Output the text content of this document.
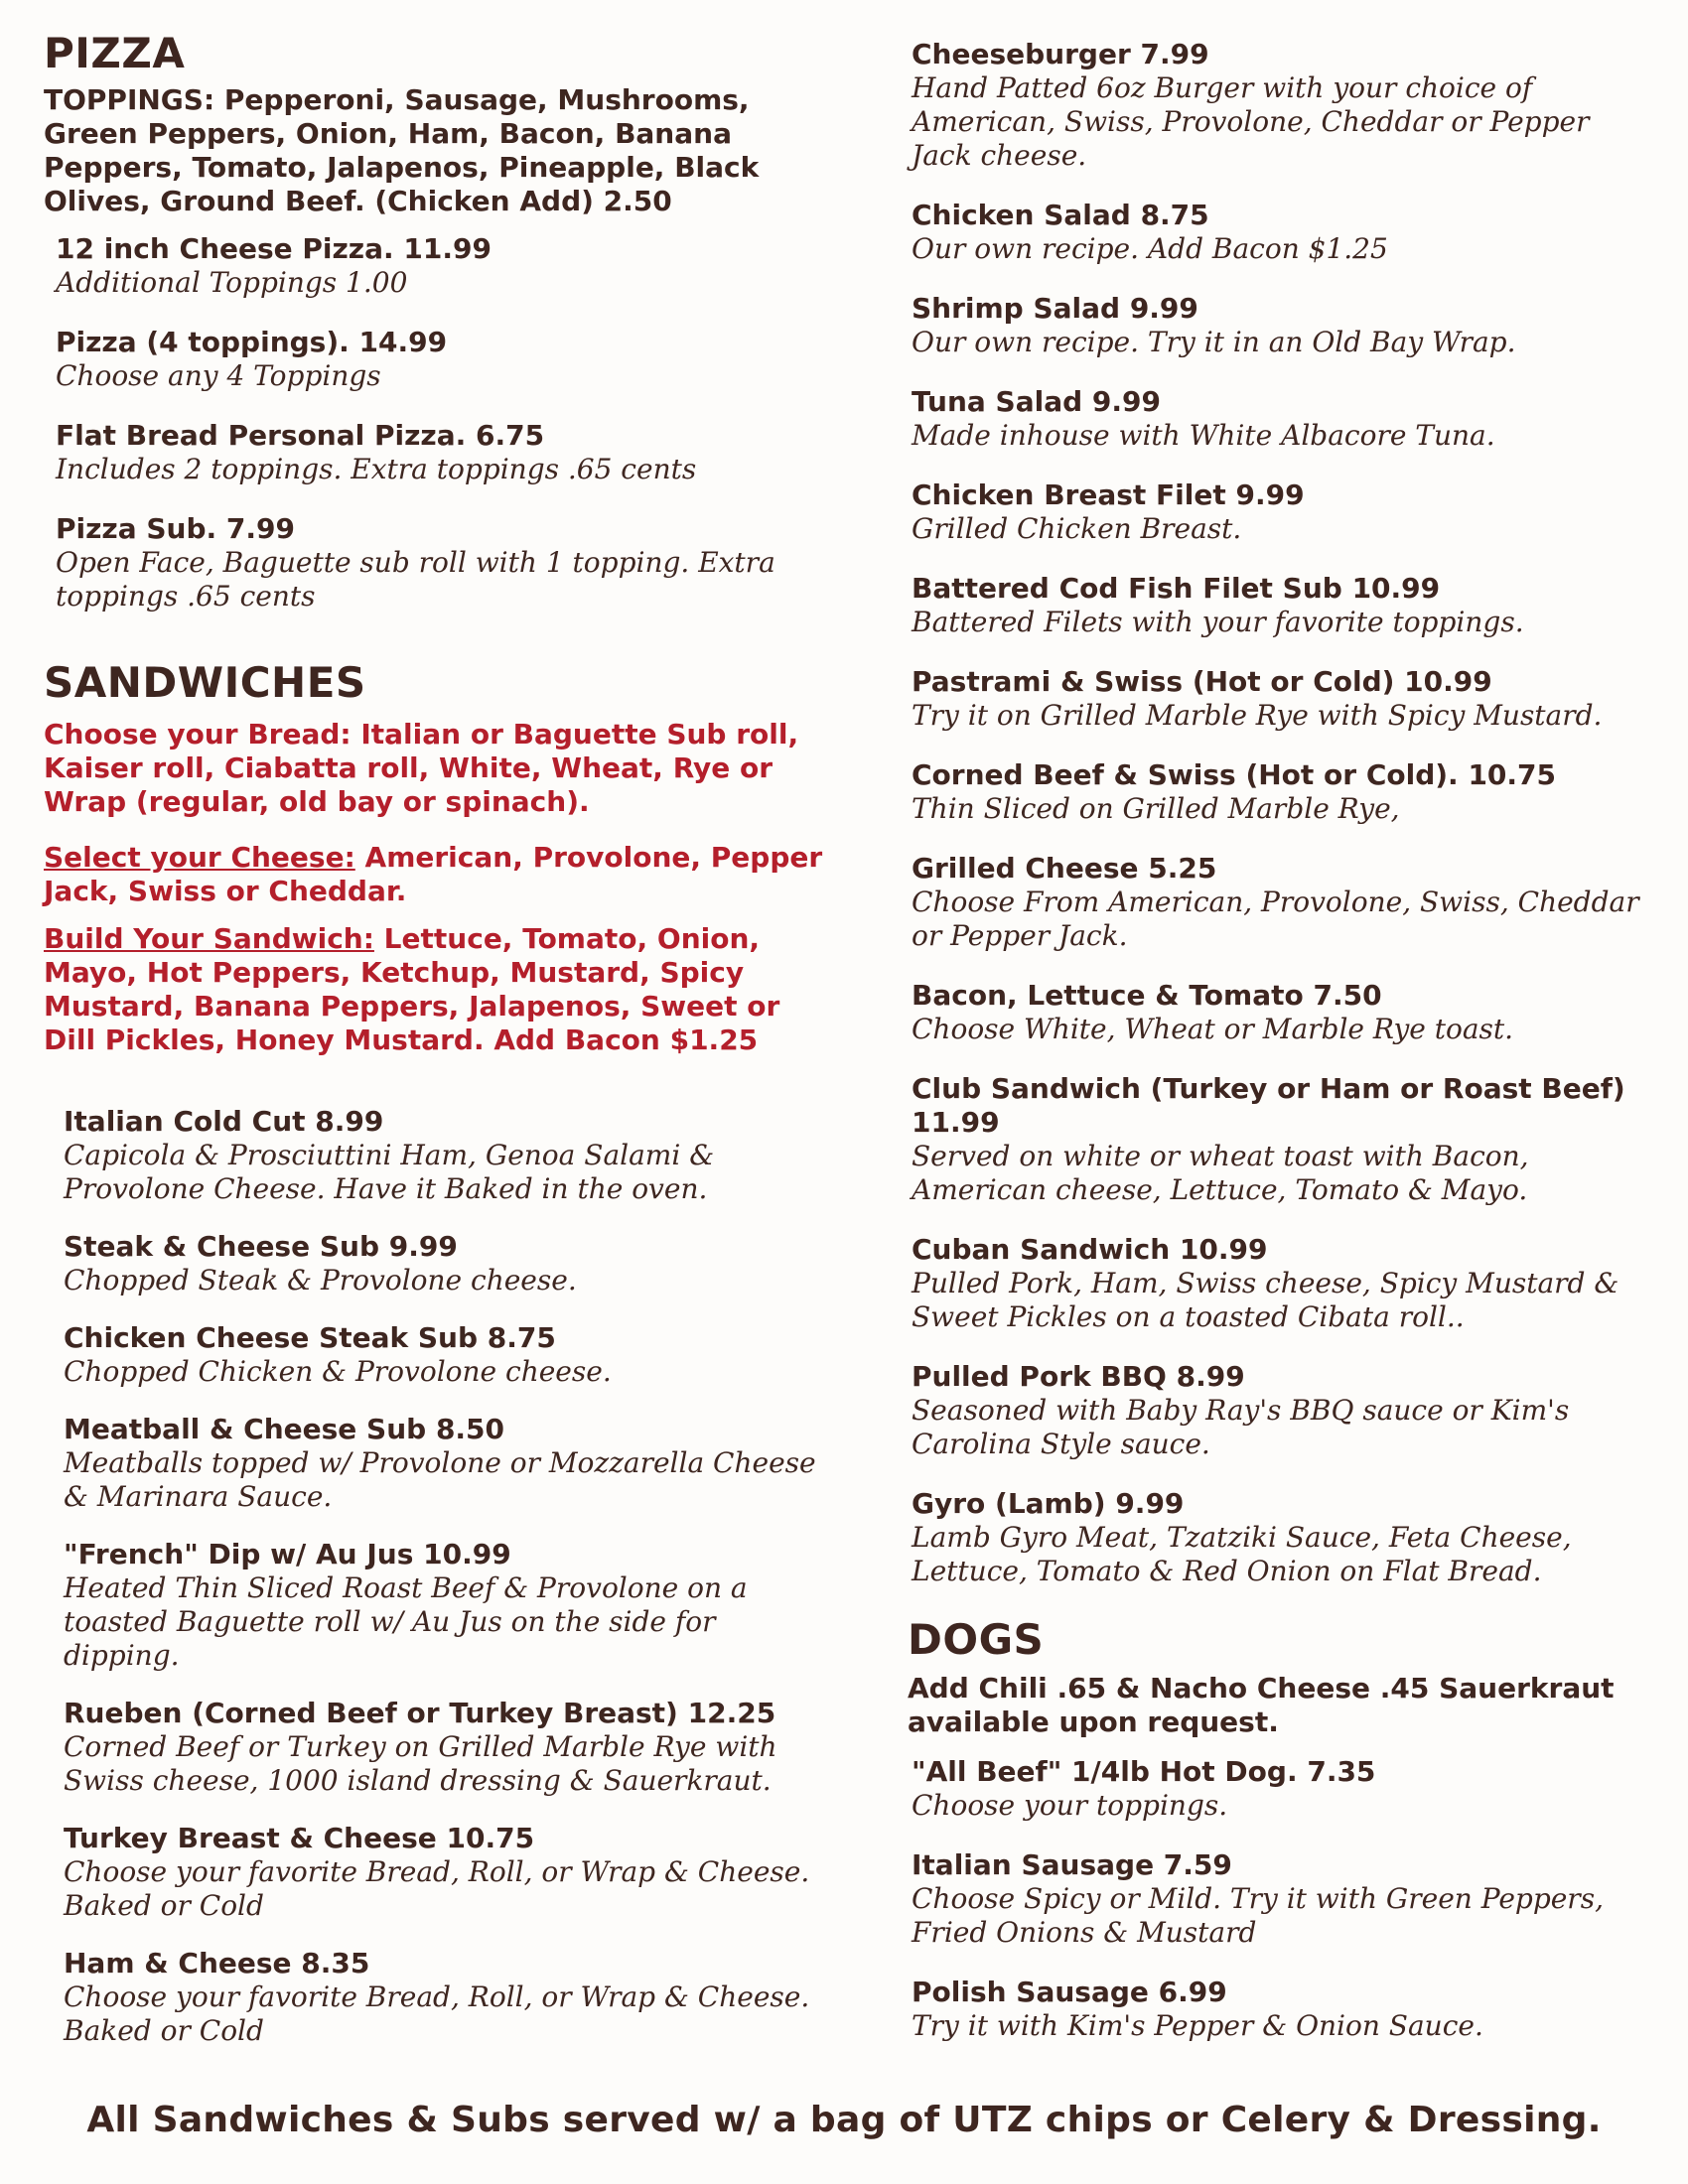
PIZZA

TOPPINGS: Pepperoni, Sausage, Mushrooms, Green Peppers, Onion, Ham, Bacon, Banana Peppers, Tomato, Jalapenos, Pineapple, Black Olives, Ground Beef. (Chicken Add) 2.50

12 inch Cheese Pizza. 11.99
Additional Toppings 1.00
Pizza (4 toppings). 14.99
Choose any 4 Toppings
Flat Bread Personal Pizza. 6.75
Includes 2 toppings. Extra toppings .65 cents
Pizza Sub. 7.99
Open Face, Baguette sub roll with 1 topping. Extra toppings .65 cents
SANDWICHES

Choose your Bread: Italian or Baguette Sub roll, Kaiser roll, Ciabatta roll, White, Wheat, Rye or Wrap (regular, old bay or spinach).

Select your Cheese: American, Provolone, Pepper Jack, Swiss or Cheddar.

Build Your Sandwich: Lettuce, Tomato, Onion, Mayo, Hot Peppers, Ketchup, Mustard, Spicy Mustard, Banana Peppers, Jalapenos, Sweet or Dill Pickles, Honey Mustard. Add Bacon $1.25

Italian Cold Cut 8.99
Capicola & Prosciuttini Ham, Genoa Salami & Provolone Cheese. Have it Baked in the oven.
Steak & Cheese Sub 9.99
Chopped Steak & Provolone cheese.
Chicken Cheese Steak Sub 8.75
Chopped Chicken & Provolone cheese.
Meatball & Cheese Sub 8.50
Meatballs topped w/ Provolone or Mozzarella Cheese & Marinara Sauce.
"French" Dip w/ Au Jus 10.99
Heated Thin Sliced Roast Beef & Provolone on a toasted Baguette roll w/ Au Jus on the side for dipping.
Rueben (Corned Beef or Turkey Breast) 12.25
Corned Beef or Turkey on Grilled Marble Rye with Swiss cheese, 1000 island dressing & Sauerkraut.
Turkey Breast & Cheese 10.75
Choose your favorite Bread, Roll, or Wrap & Cheese. Baked or Cold
Ham & Cheese 8.35
Choose your favorite Bread, Roll, or Wrap & Cheese. Baked or Cold
Cheeseburger 7.99
Hand Patted 6oz Burger with your choice of American, Swiss, Provolone, Cheddar or Pepper Jack cheese.
Chicken Salad 8.75
Our own recipe. Add Bacon $1.25
Shrimp Salad 9.99
Our own recipe. Try it in an Old Bay Wrap.
Tuna Salad 9.99
Made inhouse with White Albacore Tuna.
Chicken Breast Filet 9.99
Grilled Chicken Breast.
Battered Cod Fish Filet Sub 10.99
Battered Filets with your favorite toppings.
Pastrami & Swiss (Hot or Cold) 10.99
Try it on Grilled Marble Rye with Spicy Mustard.
Corned Beef & Swiss (Hot or Cold). 10.75
Thin Sliced on Grilled Marble Rye,
Grilled Cheese 5.25
Choose From American, Provolone, Swiss, Cheddar or Pepper Jack.
Bacon, Lettuce & Tomato 7.50
Choose White, Wheat or Marble Rye toast.
Club Sandwich (Turkey or Ham or Roast Beef) 11.99
Served on white or wheat toast with Bacon, American cheese, Lettuce, Tomato & Mayo.
Cuban Sandwich 10.99
Pulled Pork, Ham, Swiss cheese, Spicy Mustard & Sweet Pickles on a toasted Cibata roll..
Pulled Pork BBQ 8.99
Seasoned with Baby Ray's BBQ sauce or Kim's Carolina Style sauce.
Gyro (Lamb) 9.99
Lamb Gyro Meat, Tzatziki Sauce, Feta Cheese, Lettuce, Tomato & Red Onion on Flat Bread.
DOGS

Add Chili .65 & Nacho Cheese .45 Sauerkraut available upon request.

"All Beef" 1/4lb Hot Dog. 7.35
Choose your toppings.
Italian Sausage 7.59
Choose Spicy or Mild. Try it with Green Peppers, Fried Onions & Mustard
Polish Sausage 6.99
Try it with Kim's Pepper & Onion Sauce.
All Sandwiches & Subs served w/ a bag of UTZ chips or Celery & Dressing.
